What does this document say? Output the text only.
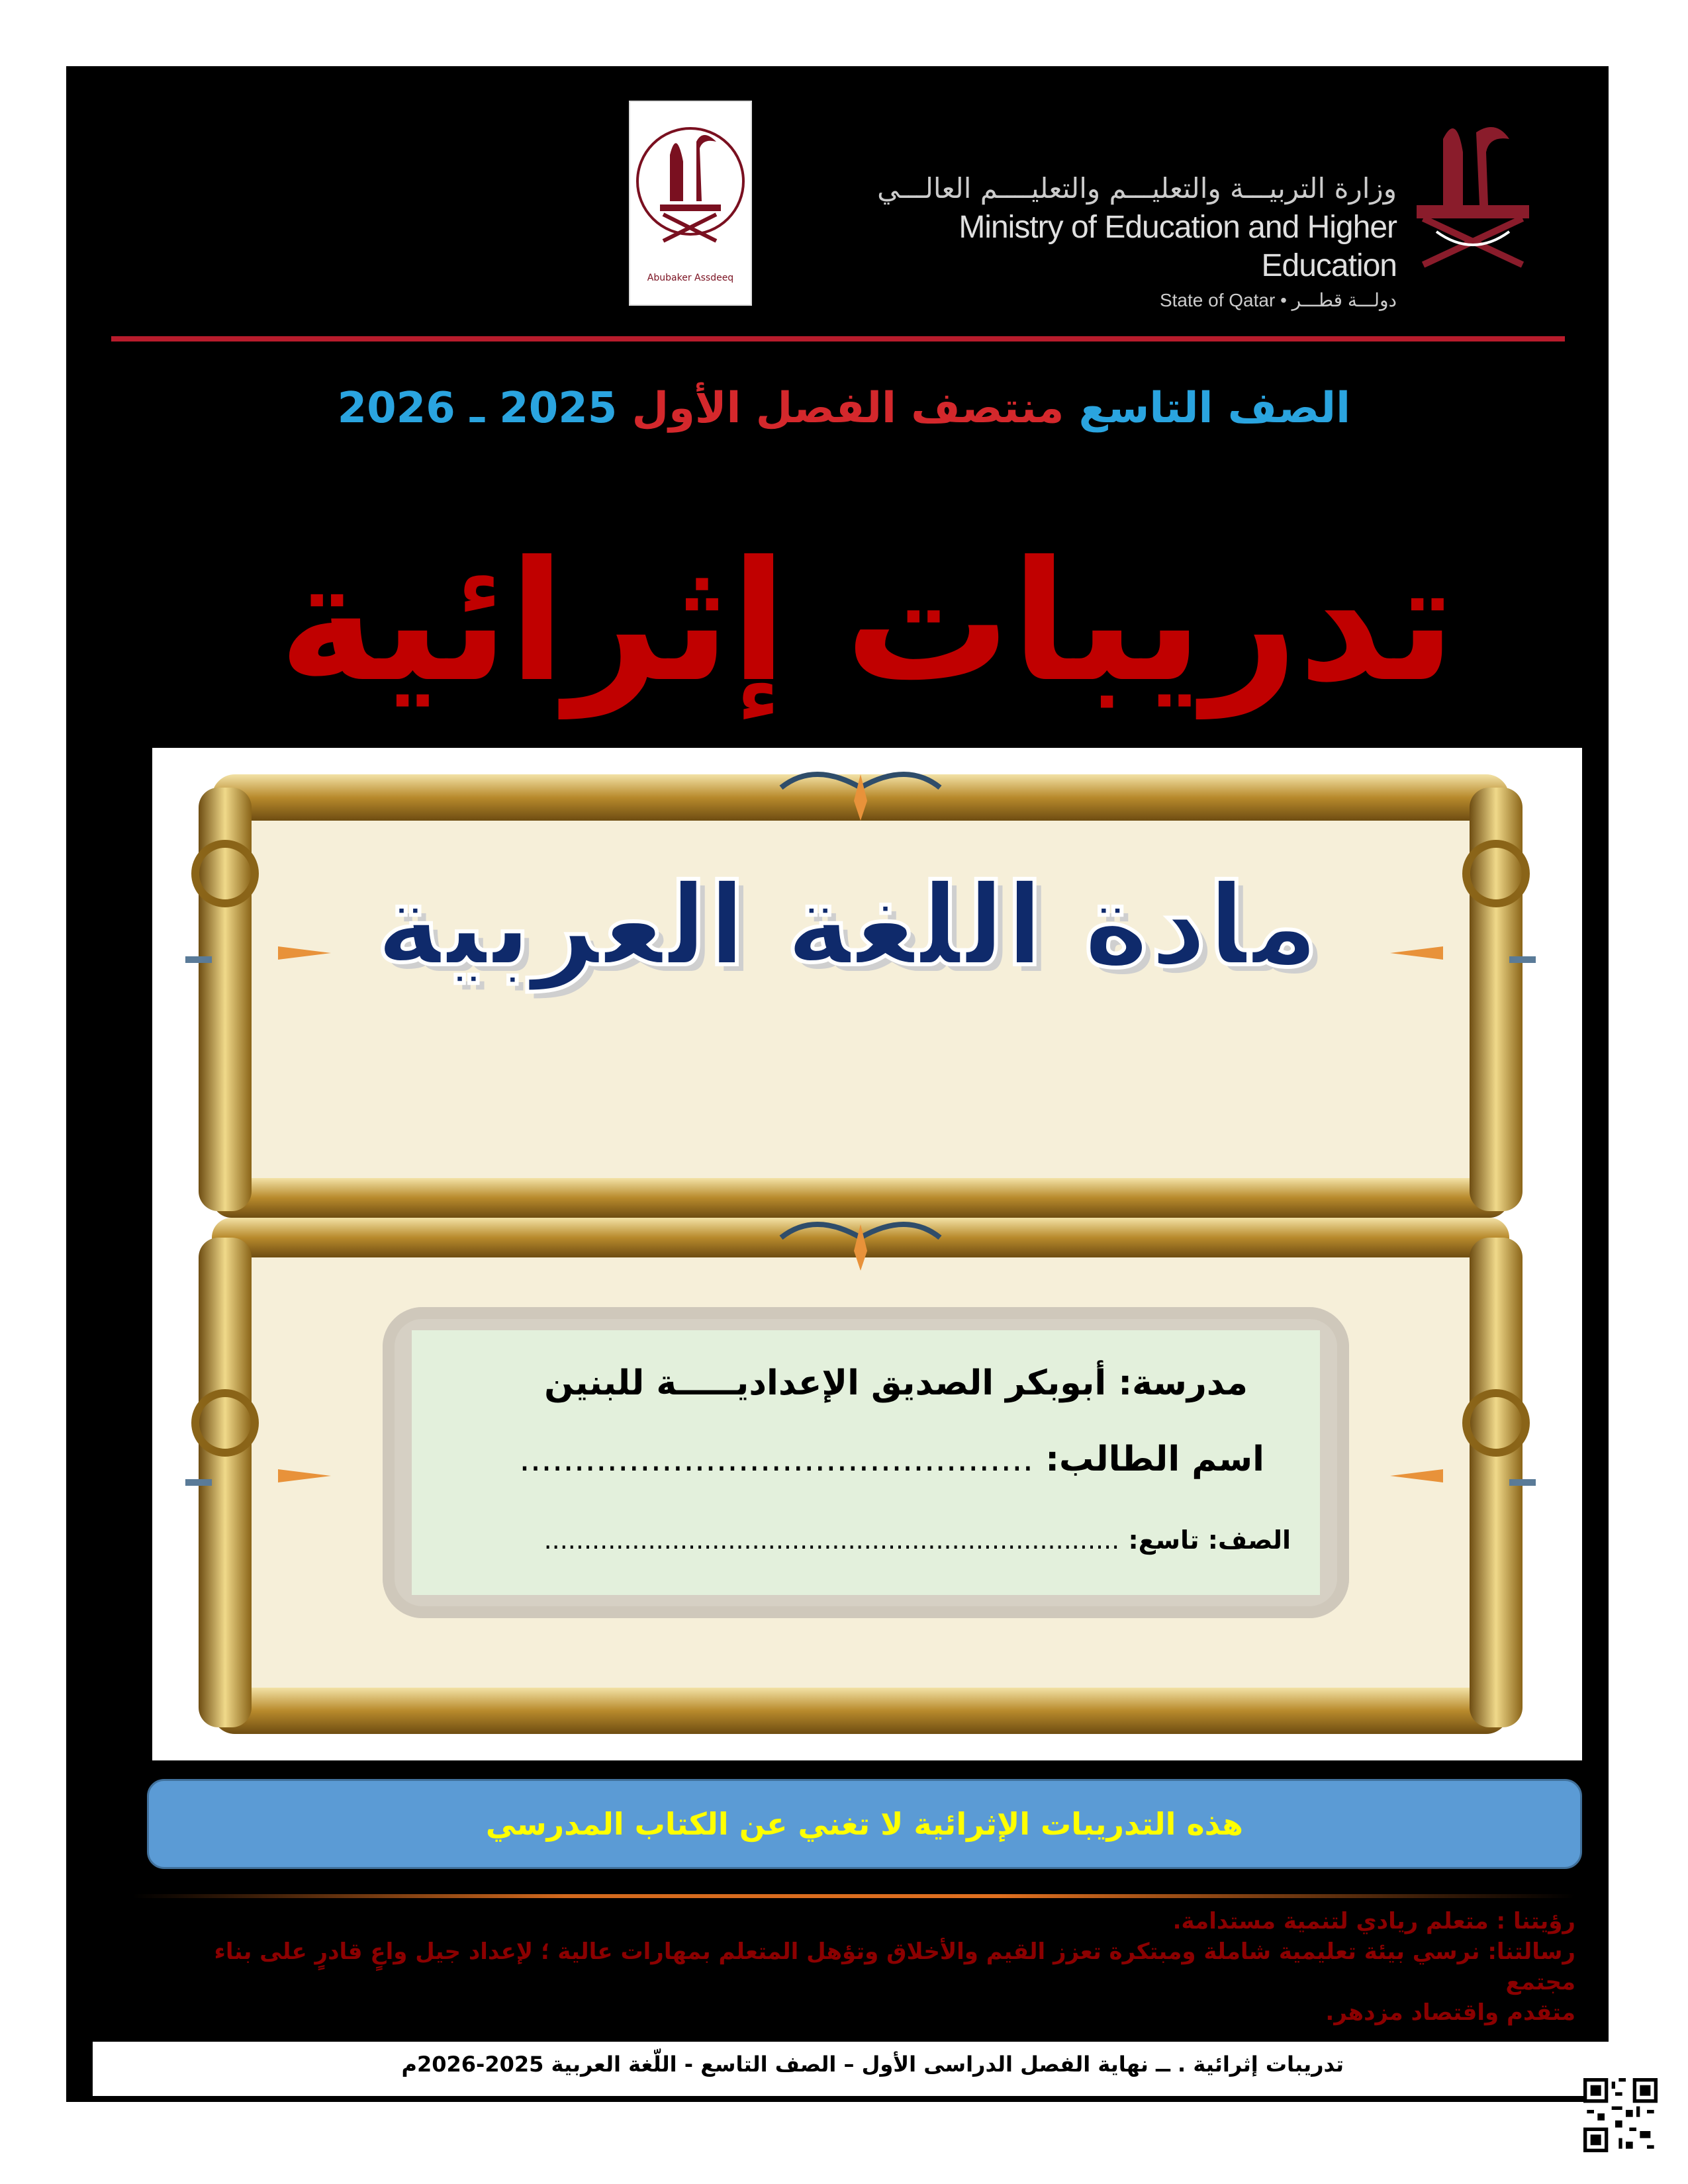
Abubaker Assdeeq
وزارة التربيـــة والتعليـــم والتعليــــم العالـــي
Ministry of Education and Higher Education
State of Qatar • دولـــة قطـــر
الصف التاسع منتصف الفصل الأول 2025 ـ 2026
تدريبات إثرائية
مادة اللغة العربية
مدرسة: أبوبكر الصديق الإعداديـــــة للبنين
اسم الطالب: ...............................................
الصف: تاسع: ........................................................................
هذه التدريبات الإثرائية لا تغني عن الكتاب المدرسي
رؤيتنا : متعلم ريادي لتنمية مستدامة.
رسالتنا: نرسي بيئة تعليمية شاملة ومبتكرة تعزز القيم والأخلاق وتؤهل المتعلم بمهارات عالية ؛ لإعداد جيل واعٍ قادرٍ على بناء مجتمع
متقدم واقتصاد مزدهر.
تدريبات إثرائية . ــ نهاية الفصل الدراسى الأول – الصف التاسع - اللّغة العربية 2025-2026م
